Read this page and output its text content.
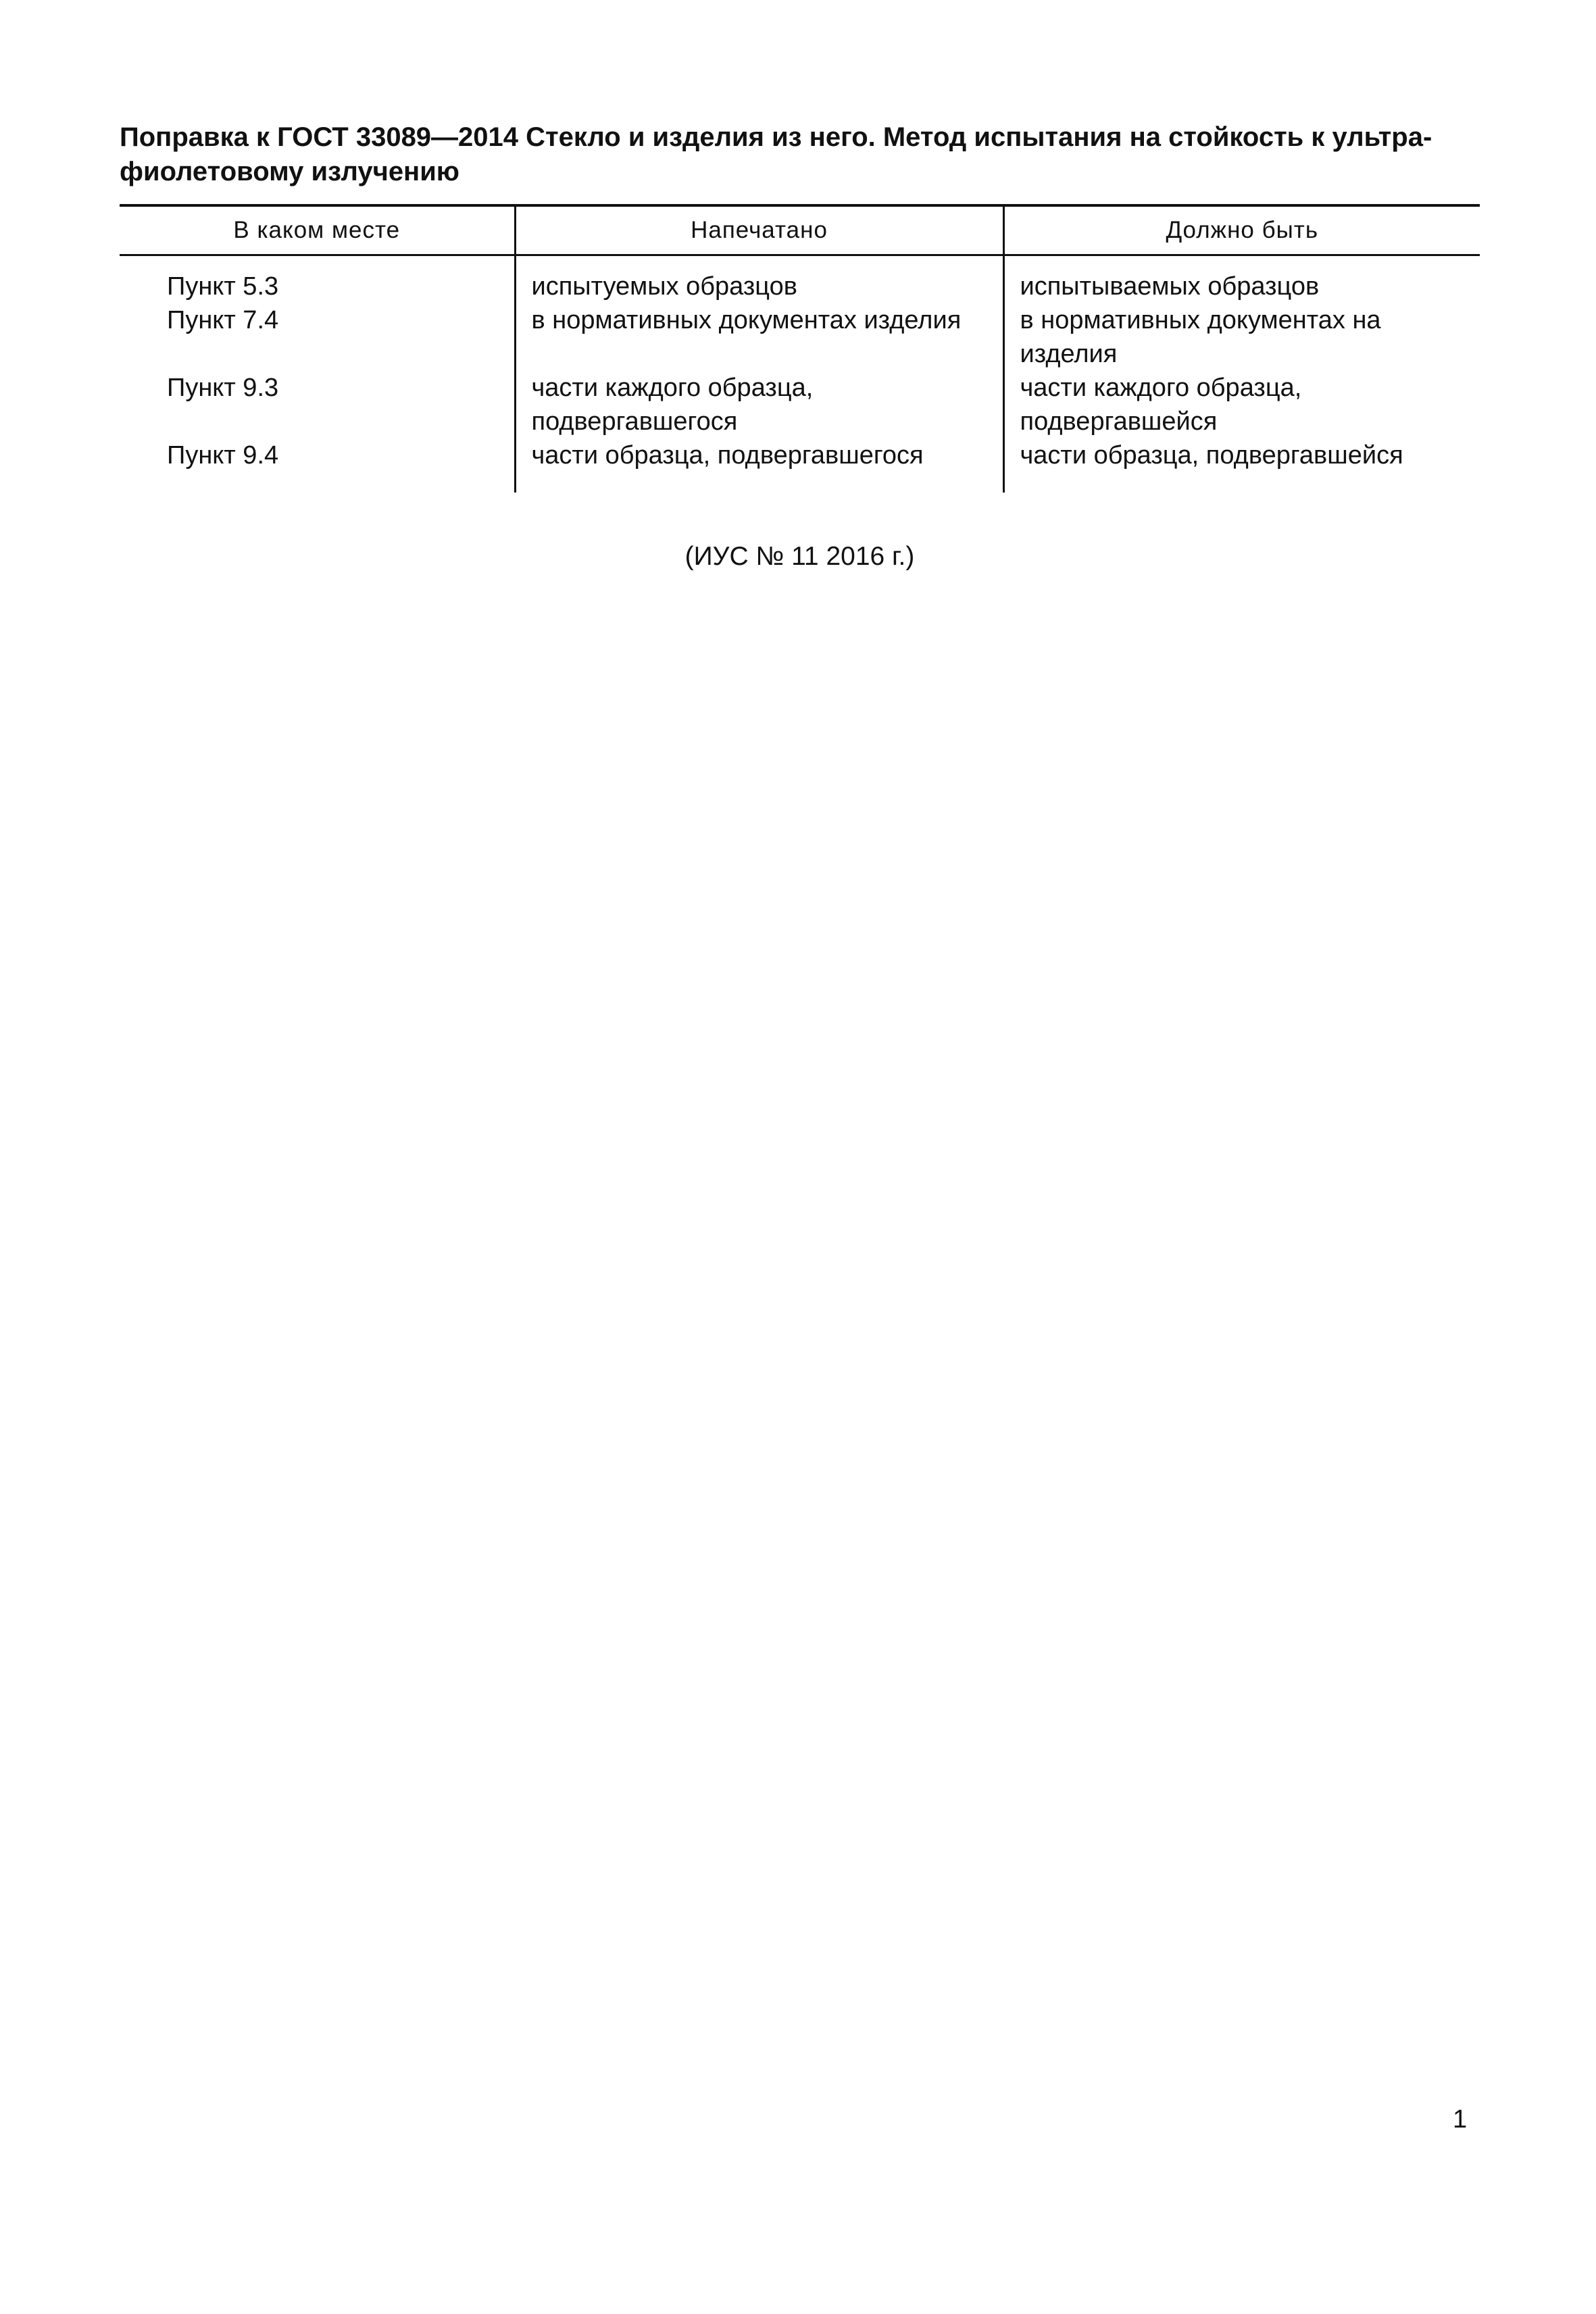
Поправка к ГОСТ 33089—2014 Стекло и изделия из него. Метод испытания на стойкость к ультра-фиолетовому излучению
В каком месте	Напечатано	Должно быть
Пункт 5.3	испытуемых образцов	испытываемых образцов
Пункт 7.4	в нормативных документах изделия	в нормативных документах на изделия
Пункт 9.3	части каждого образца, подвергавшегося	части каждого образца, подвергавшейся
Пункт 9.4	части образца, подвергавшегося	части образца, подвергавшейся
(ИУС № 11 2016 г.)
1
